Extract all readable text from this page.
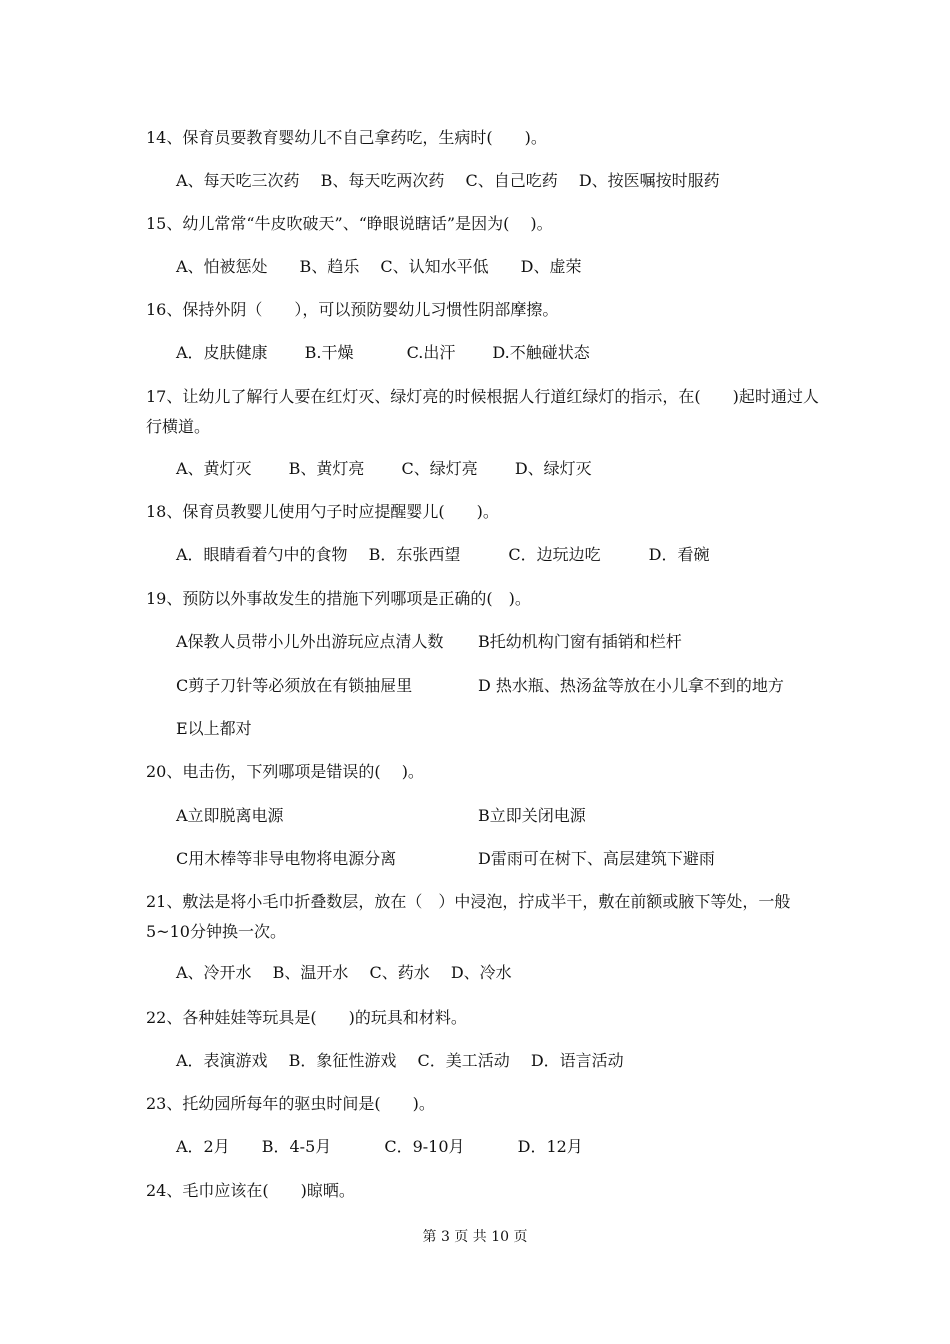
14、保育员要教育婴幼儿不自己拿药吃，生病时(　　)。
A、每天吃三次药　 B、每天吃两次药　 C、自己吃药　 D、按医嘱按时服药
15、幼儿常常“牛皮吹破天”、“睁眼说瞎话”是因为(　 )。
A、怕被惩处　　B、趋乐　 C、认知水平低　　D、虚荣
16、保持外阴（　　），可以预防婴幼儿习惯性阴部摩擦。
A．皮肤健康　　 B.干燥　　　 C.出汗　　 D.不触碰状态
17、让幼儿了解行人要在红灯灭、绿灯亮的时候根据人行道红绿灯的指示，在(　　)起时通过人行横道。
A、黄灯灭　　 B、黄灯亮　　 C、绿灯亮　　 D、绿灯灭
18、保育员教婴儿使用勺子时应提醒婴儿(　　)。
A．眼睛看着勺中的食物　 B．东张西望　　　C．边玩边吃　　　D．看碗
19、预防以外事故发生的措施下列哪项是正确的(　)。
A保教人员带小儿外出游玩应点清人数 B托幼机构门窗有插销和栏杆
C剪子刀针等必须放在有锁抽屉里	D 热水瓶、热汤盆等放在小儿拿不到的地方
E以上都对
20、电击伤，下列哪项是错误的(　 )。
A立即脱离电源	B立即关闭电源
C用木棒等非导电物将电源分离	D雷雨可在树下、高层建筑下避雨
21、敷法是将小毛巾折叠数层，放在（　）中浸泡，拧成半干，敷在前额或腋下等处，一般5~10分钟换一次。
A、冷开水　 B、温开水　 C、药水　 D、冷水
22、各种娃娃等玩具是(　　)的玩具和材料。
A．表演游戏　 B．象征性游戏　 C．美工活动　 D．语言活动
23、托幼园所每年的驱虫时间是(　　)。
A．2月　　B．4-5月　　　 C．9-10月　　　 D．12月
24、毛巾应该在(　　)晾晒。
第 3 页 共 10 页
